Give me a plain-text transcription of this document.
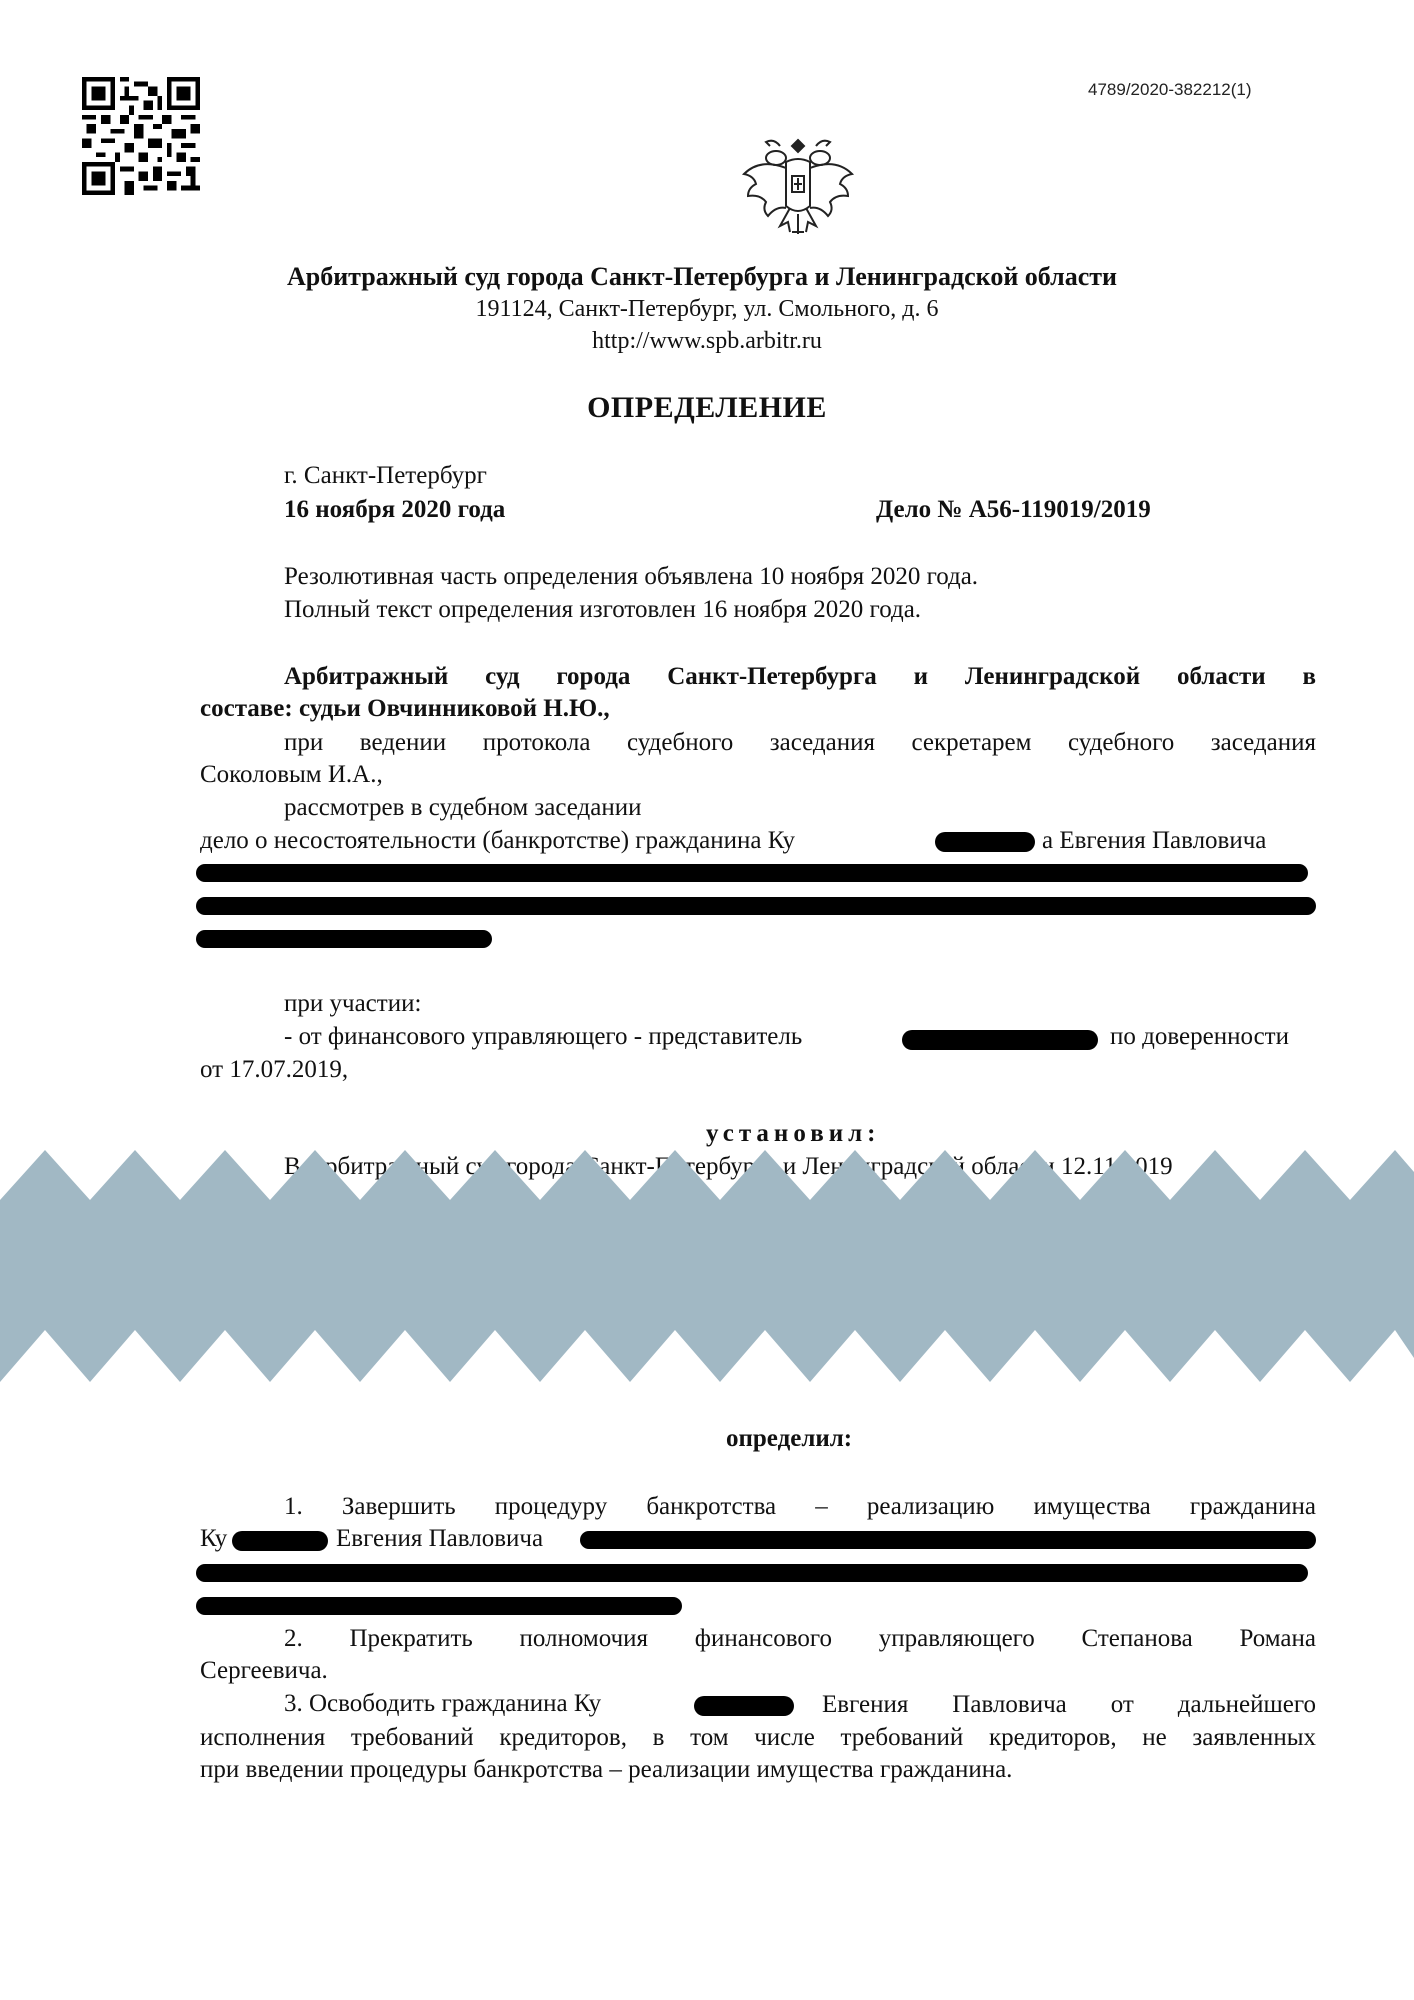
4789/2020-382212(1)
Арбитражный суд города Санкт-Петербурга и Ленинградской области
191124, Санкт-Петербург, ул. Смольного, д. 6
http://www.spb.arbitr.ru
ОПРЕДЕЛЕНИЕ
г. Санкт-Петербург
16 ноября 2020 года	Дело № А56-119019/2019
Резолютивная часть определения объявлена 10 ноября 2020 года.
Полный текст определения изготовлен 16 ноября 2020 года.
Арбитражный суд города Санкт-Петербурга и Ленинградской области в
составе: судьи Овчинниковой Н.Ю.,
при ведении протокола судебного заседания секретарем судебного заседания
Соколовым И.А.,
рассмотрев в судебном заседании
дело о несостоятельности (банкротстве) гражданина Ку	а Евгения Павловича
при участии:
- от финансового управляющего - представитель	по доверенности
от 17.07.2019,
установил:
В Арбитражный суд города Санкт-Петербурга и Ленинградской области 12.11.2019
определил:
1. Завершить процедуру банкротства – реализацию имущества гражданина
Ку	Евгения Павловича
2. Прекратить полномочия финансового управляющего Степанова Романа
Сергеевича.
3. Освободить гражданина Ку	Евгения Павловича от дальнейшего
исполнения требований кредиторов, в том числе требований кредиторов, не заявленных
при введении процедуры банкротства – реализации имущества гражданина.
